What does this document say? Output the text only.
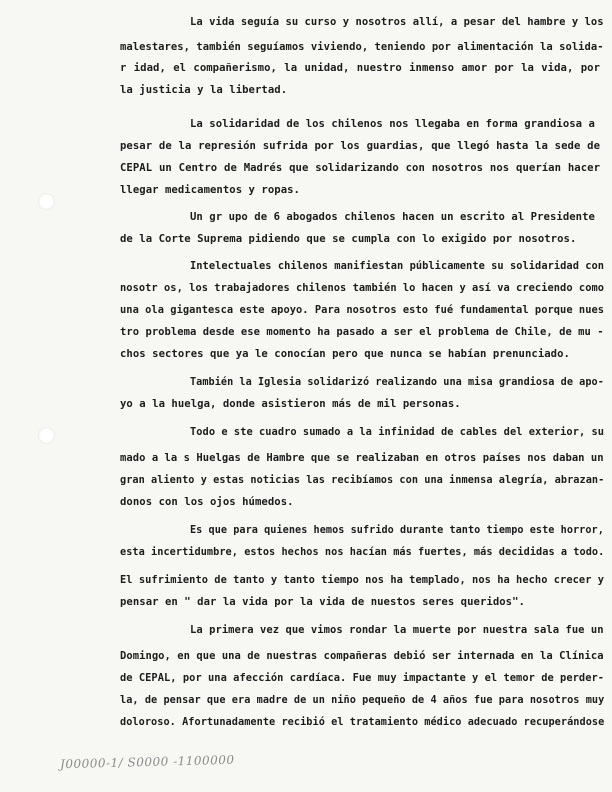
La vida seguía su curso y nosotros allí, a pesar del hambre y los
malestares, también seguíamos viviendo, teniendo por alimentación la solida-
r idad, el compañerismo, la unidad, nuestro inmenso amor por la vida, por
la justicia y la libertad.
La solidaridad de los chilenos nos llegaba en forma grandiosa a
pesar de la represión sufrida por los guardias, que llegó hasta la sede de
CEPAL un Centro de Madrés que solidarizando con nosotros nos querían hacer
llegar medicamentos y ropas.
Un gr upo de 6 abogados chilenos hacen un escrito al Presidente
de la Corte Suprema pidiendo que se cumpla con lo exigido por nosotros.
Intelectuales chilenos manifiestan públicamente su solidaridad con
nosotr os, los trabajadores chilenos también lo hacen y así va creciendo como
una ola gigantesca este apoyo. Para nosotros esto fué fundamental porque nues
tro problema desde ese momento ha pasado a ser el problema de Chile, de mu -
chos sectores que ya le conocían pero que nunca se habían prenunciado.
También la Iglesia solidarizó realizando una misa grandiosa de apo-
yo a la huelga, donde asistieron más de mil personas.
Todo e ste cuadro sumado a la infinidad de cables del exterior, su
mado a la s Huelgas de Hambre que se realizaban en otros países nos daban un
gran aliento y estas noticias las recibíamos con una inmensa alegría, abrazan-
donos con los ojos húmedos.
Es que para quienes hemos sufrido durante tanto tiempo este horror,
esta incertidumbre, estos hechos nos hacían más fuertes, más decididas a todo.
El sufrimiento de tanto y tanto tiempo nos ha templado, nos ha hecho crecer y
pensar en " dar la vida por la vida de nuestos seres queridos".
La primera vez que vimos rondar la muerte por nuestra sala fue un
Domingo, en que una de nuestras compañeras debió ser internada en la Clínica
de CEPAL, por una afección cardíaca. Fue muy impactante y el temor de perder-
la, de pensar que era madre de un niño pequeño de 4 años fue para nosotros muy
doloroso. Afortunadamente recibió el tratamiento médico adecuado recuperándose
J00000-1/ S0000 -1100000
